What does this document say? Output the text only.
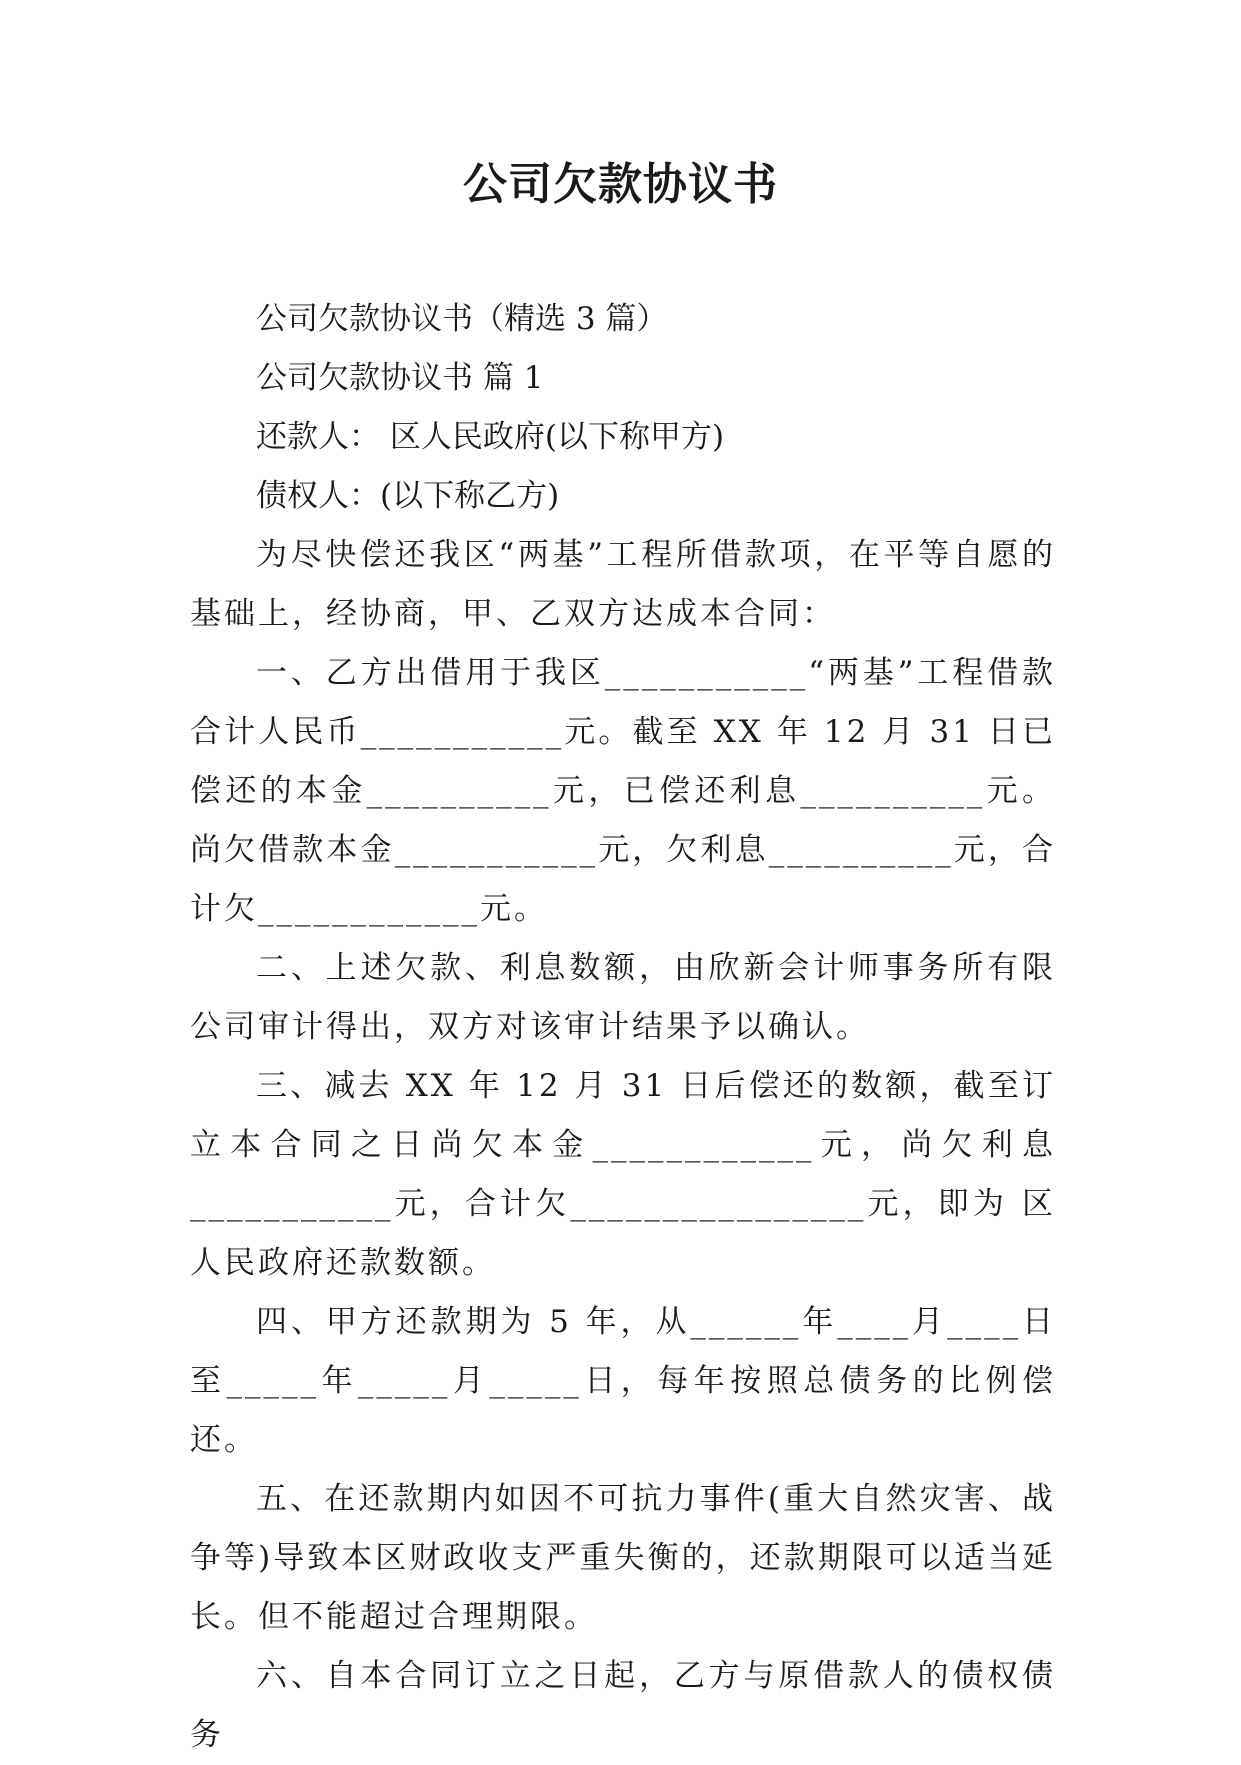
公司欠款协议书

公司欠款协议书（精选 3 篇）

公司欠款协议书 篇 1

还款人： 区人民政府(以下称甲方)

债权人：(以下称乙方)

为尽快偿还我区“两基”工程所借款项，在平等自愿的基础上，经协商，甲、乙双方达成本合同：

一、乙方出借用于我区___________“两基”工程借款合计人民币___________元。截至 XX 年 12 月 31 日已偿还的本金__________元，已偿还利息__________元。尚欠借款本金___________元，欠利息__________元，合计欠____________元。

二、上述欠款、利息数额，由欣新会计师事务所有限公司审计得出，双方对该审计结果予以确认。

三、减去 XX 年 12 月 31 日后偿还的数额，截至订立本合同之日尚欠本金____________元，尚欠利息___________元，合计欠________________元，即为 区人民政府还款数额。

四、甲方还款期为 5 年，从______年____月____日至_____年_____月_____日，每年按照总债务的比例偿还。

五、在还款期内如因不可抗力事件(重大自然灾害、战争等)导致本区财政收支严重失衡的，还款期限可以适当延长。但不能超过合理期限。

六、自本合同订立之日起，乙方与原借款人的债权债务
